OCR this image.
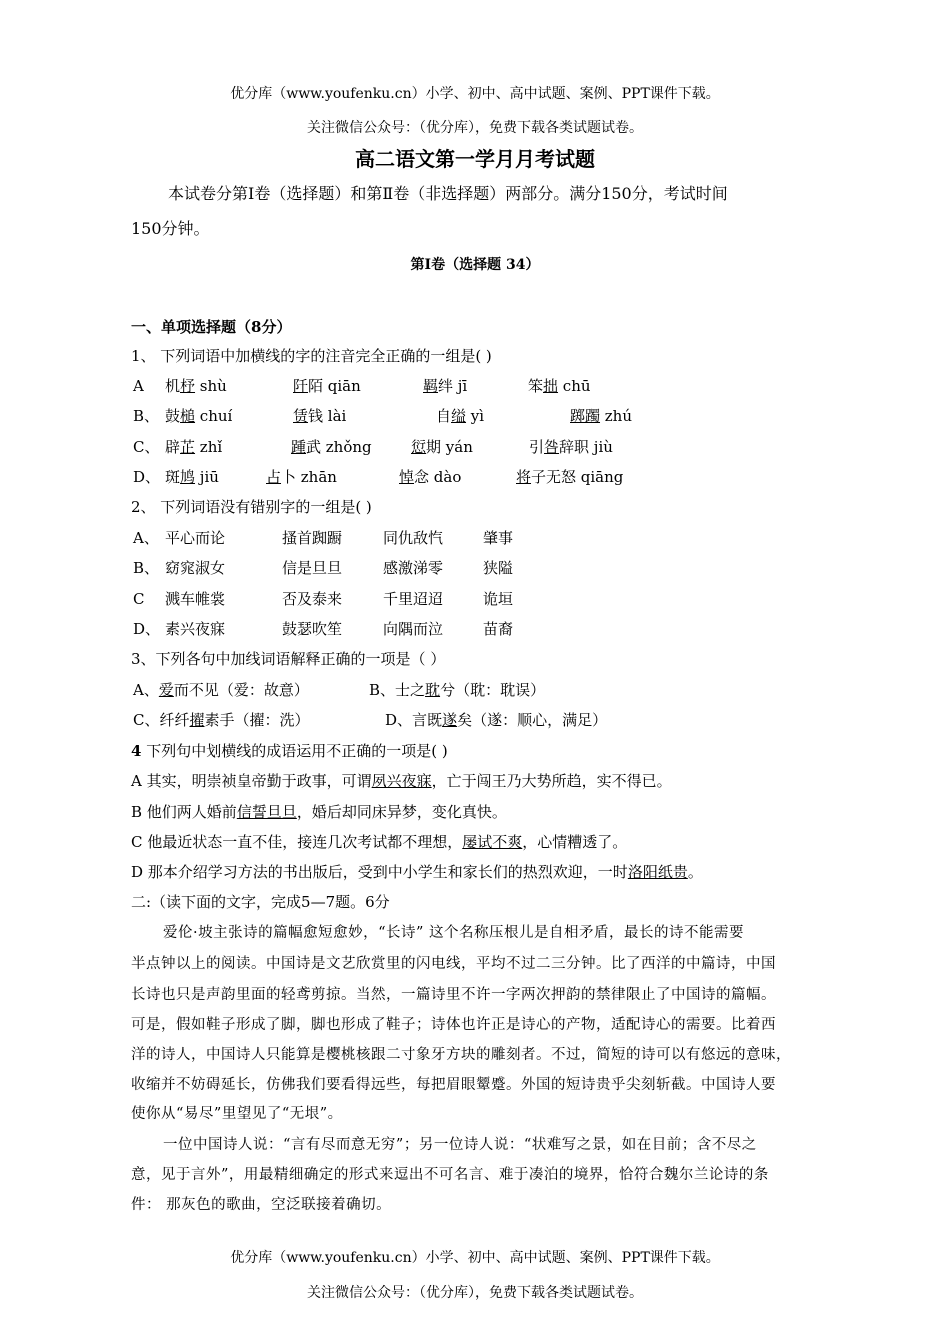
优分库（www.youfenku.cn）小学、初中、高中试题、案例、PPT课件下载。
关注微信公众号：（优分库），免费下载各类试题试卷。
高二语文第一学月月考试题
本试卷分第Ⅰ卷（选择题）和第Ⅱ卷（非选择题）两部分。满分150分，考试时间
150分钟。
第Ⅰ卷（选择题 34）
一、单项选择题（8分）
1、 下列词语中加横线的字的注音完全正确的一组是( )
A 机杼 shù	阡陌 qiān	羁绊 jī	笨拙 chū
B、 鼓槌 chuí	赁钱 lài	自缢 yì	踯躅 zhú
C、 辟芷 zhǐ	踵武 zhǒng	愆期 yán	引咎辞职 jiù
D、 斑鸠 jiū	占卜 zhān	悼念 dào	将子无怒 qiāng
2、 下列词语没有错别字的一组是( )
A、 平心而论	搔首踟蹰	同仇敌忾	肇事
B、 窈窕淑女	信是旦旦	感激涕零	狭隘
C 溅车帷裳	否及泰来	千里迢迢	诡垣
D、 素兴夜寐	鼓瑟吹笙	向隅而泣	苗裔
3、下列各句中加线词语解释正确的一项是（ ）
A、爱而不见（爱：故意）	B、士之耽兮（耽：耽误）
C、纤纤擢素手（擢：洗）	D、言既遂矣（遂：顺心，满足）
4 下列句中划横线的成语运用不正确的一项是( )
A 其实，明崇祯皇帝勤于政事，可谓夙兴夜寐，亡于闯王乃大势所趋，实不得已。
B 他们两人婚前信誓旦旦，婚后却同床异梦，变化真快。
C 他最近状态一直不佳，接连几次考试都不理想，屡试不爽，心情糟透了。
D 那本介绍学习方法的书出版后，受到中小学生和家长们的热烈欢迎，一时洛阳纸贵。
二:（读下面的文字，完成5—7题。6分
爱伦·坡主张诗的篇幅愈短愈妙，“长诗” 这个名称压根儿是自相矛盾，最长的诗不能需要
半点钟以上的阅读。中国诗是文艺欣赏里的闪电线，平均不过二三分钟。比了西洋的中篇诗，中国
长诗也只是声韵里面的轻鸢剪掠。当然，一篇诗里不许一字两次押韵的禁律限止了中国诗的篇幅。
可是，假如鞋子形成了脚，脚也形成了鞋子；诗体也许正是诗心的产物，适配诗心的需要。比着西
洋的诗人，中国诗人只能算是樱桃核跟二寸象牙方块的雕刻者。不过，简短的诗可以有悠远的意味，
收缩并不妨碍延长，仿佛我们要看得远些，每把眉眼颦蹙。外国的短诗贵乎尖刻斩截。中国诗人要
使你从“易尽”里望见了“无垠”。
一位中国诗人说：“言有尽而意无穷”；另一位诗人说：“状难写之景，如在目前；含不尽之
意，见于言外”，用最精细确定的形式来逗出不可名言、难于凑泊的境界，恰符合魏尔兰论诗的条
件： 那灰色的歌曲，空泛联接着确切。
优分库（www.youfenku.cn）小学、初中、高中试题、案例、PPT课件下载。
关注微信公众号：（优分库），免费下载各类试题试卷。
